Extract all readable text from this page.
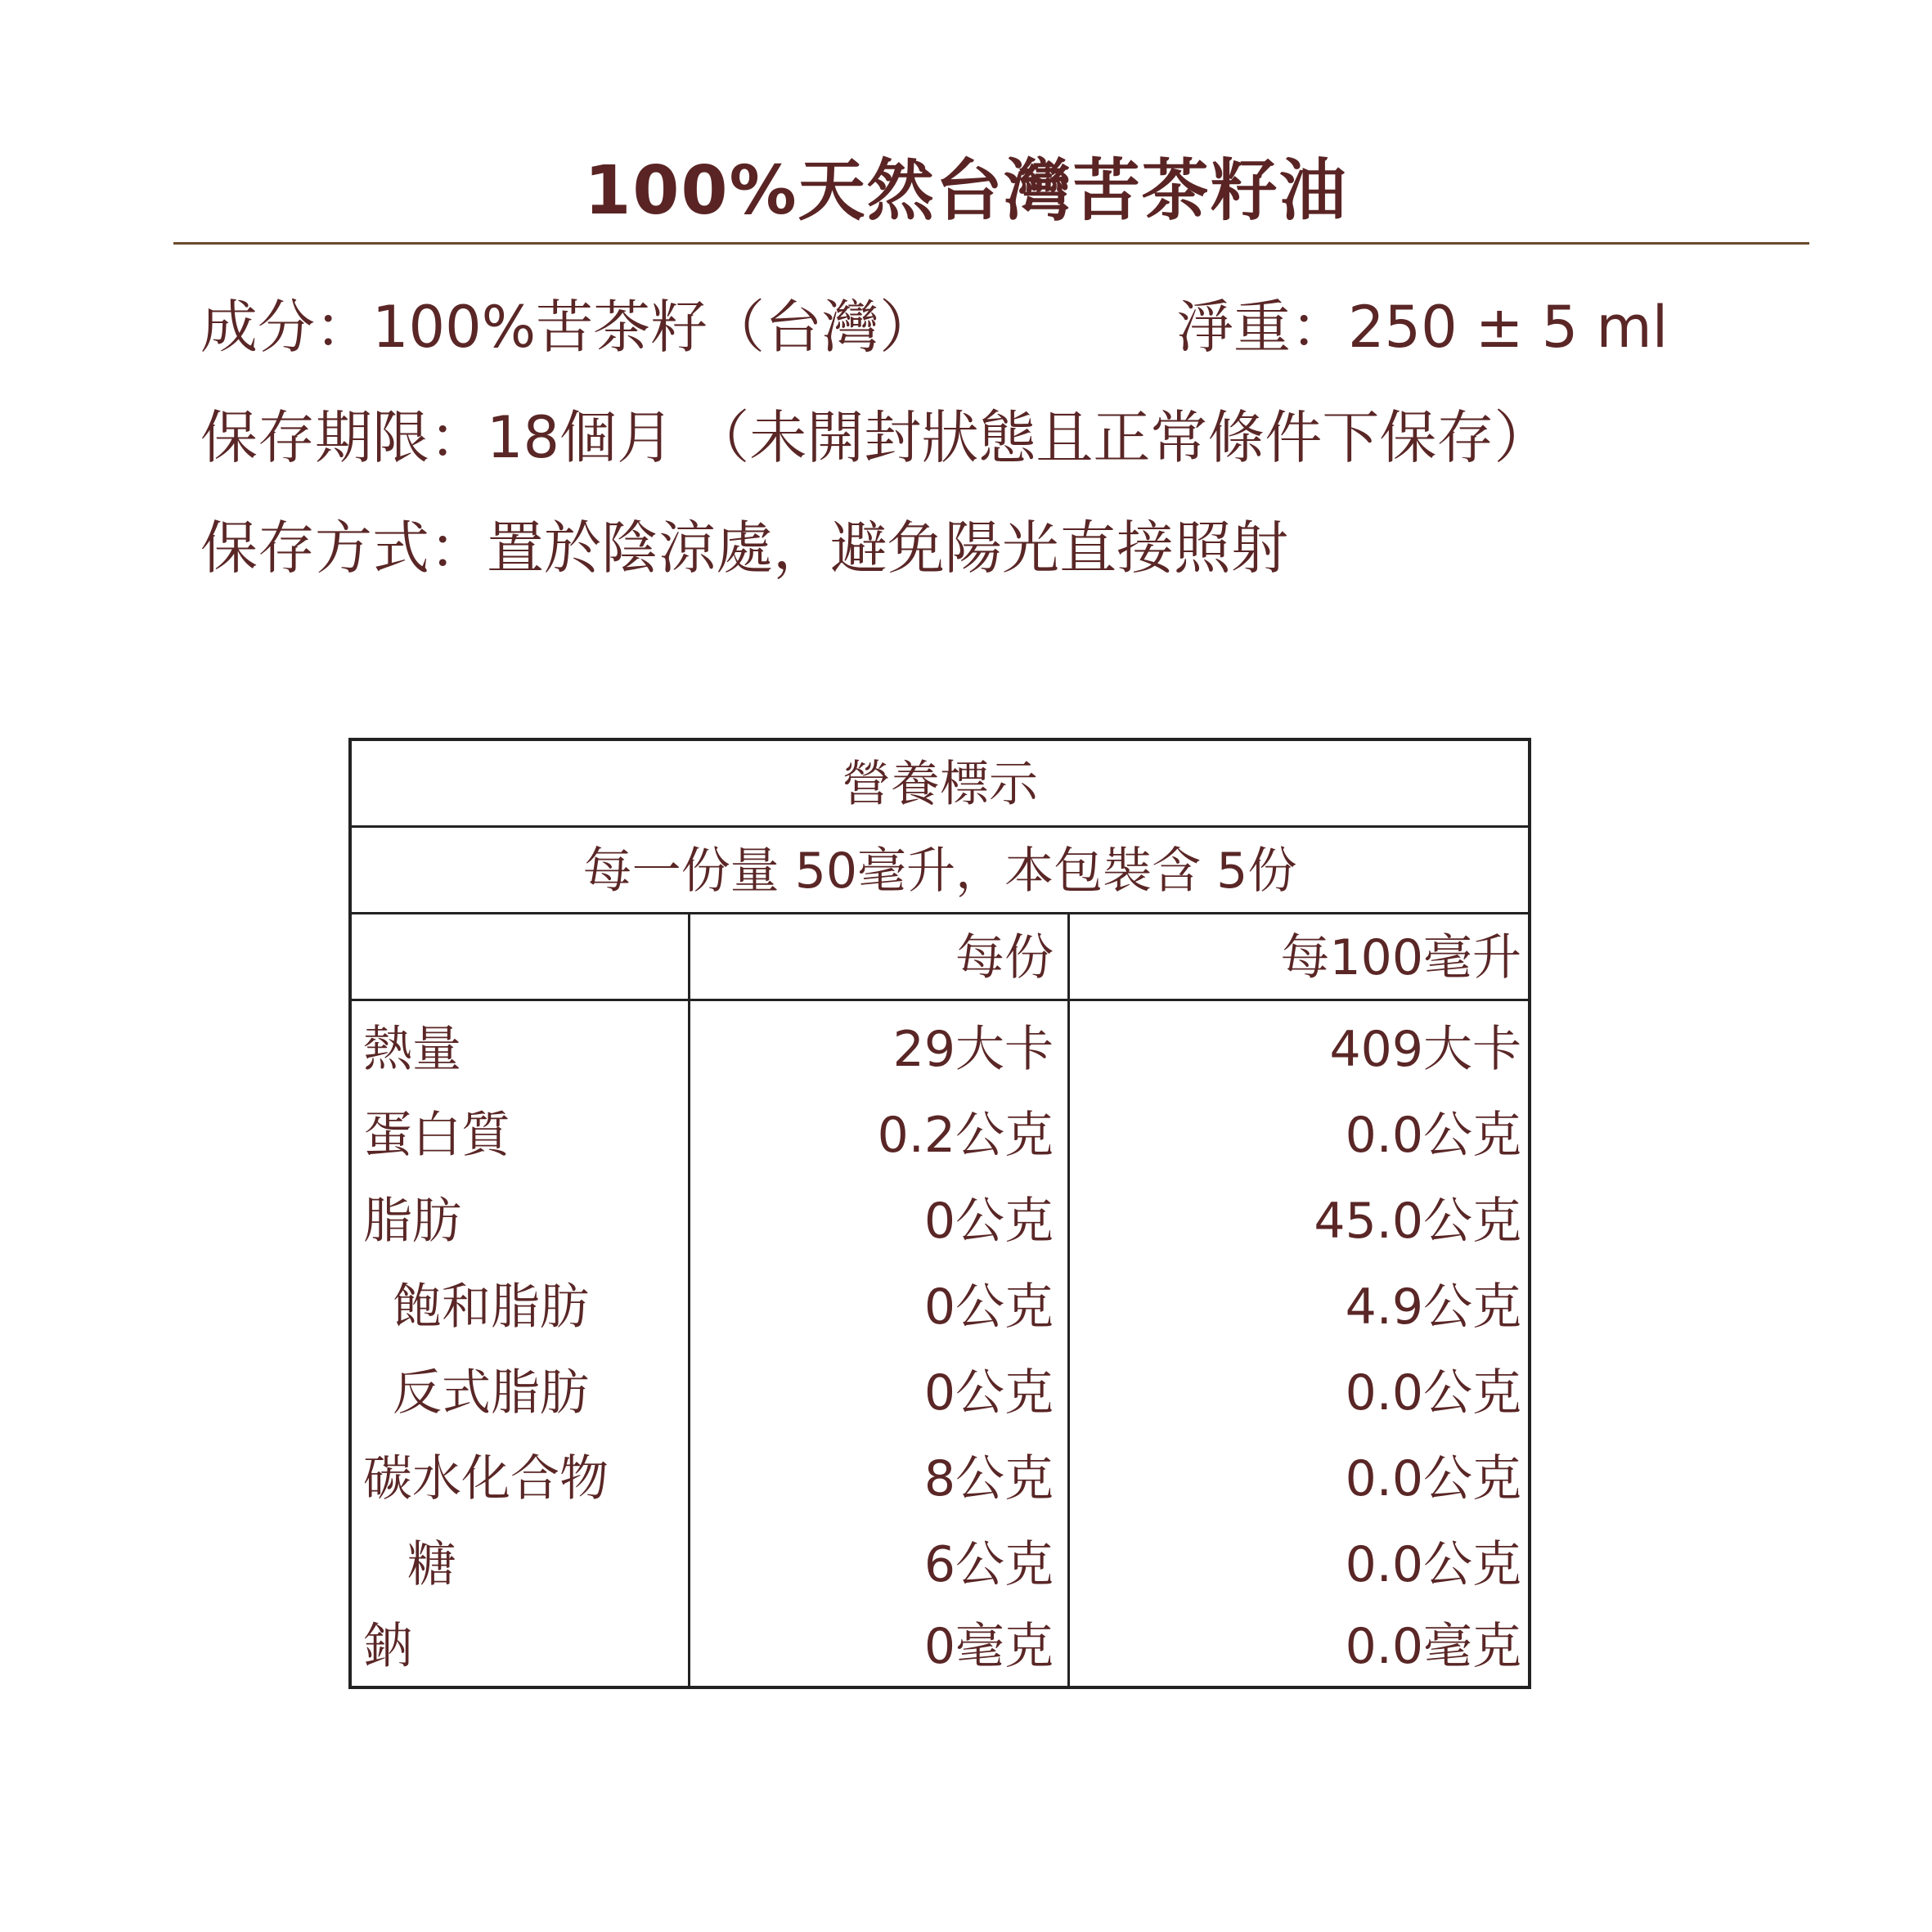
100%天然台灣苦茶籽油
成分：100%苦茶籽（台灣）	淨重：250 ± 5 ml
保存期限：18個月 （未開封狀態且正常條件下保存）
保存方式：置於陰涼處，避免陽光直接照射
營養標示
每一份量 50毫升，本包裝含 5份
每份	每100毫升
熱量	29大卡	409大卡
蛋白質	0.2公克	0.0公克
脂肪	0公克	45.0公克
飽和脂肪	0公克	4.9公克
反式脂肪	0公克	0.0公克
碳水化合物	8公克	0.0公克
糖	6公克	0.0公克
鈉	0毫克	0.0毫克
